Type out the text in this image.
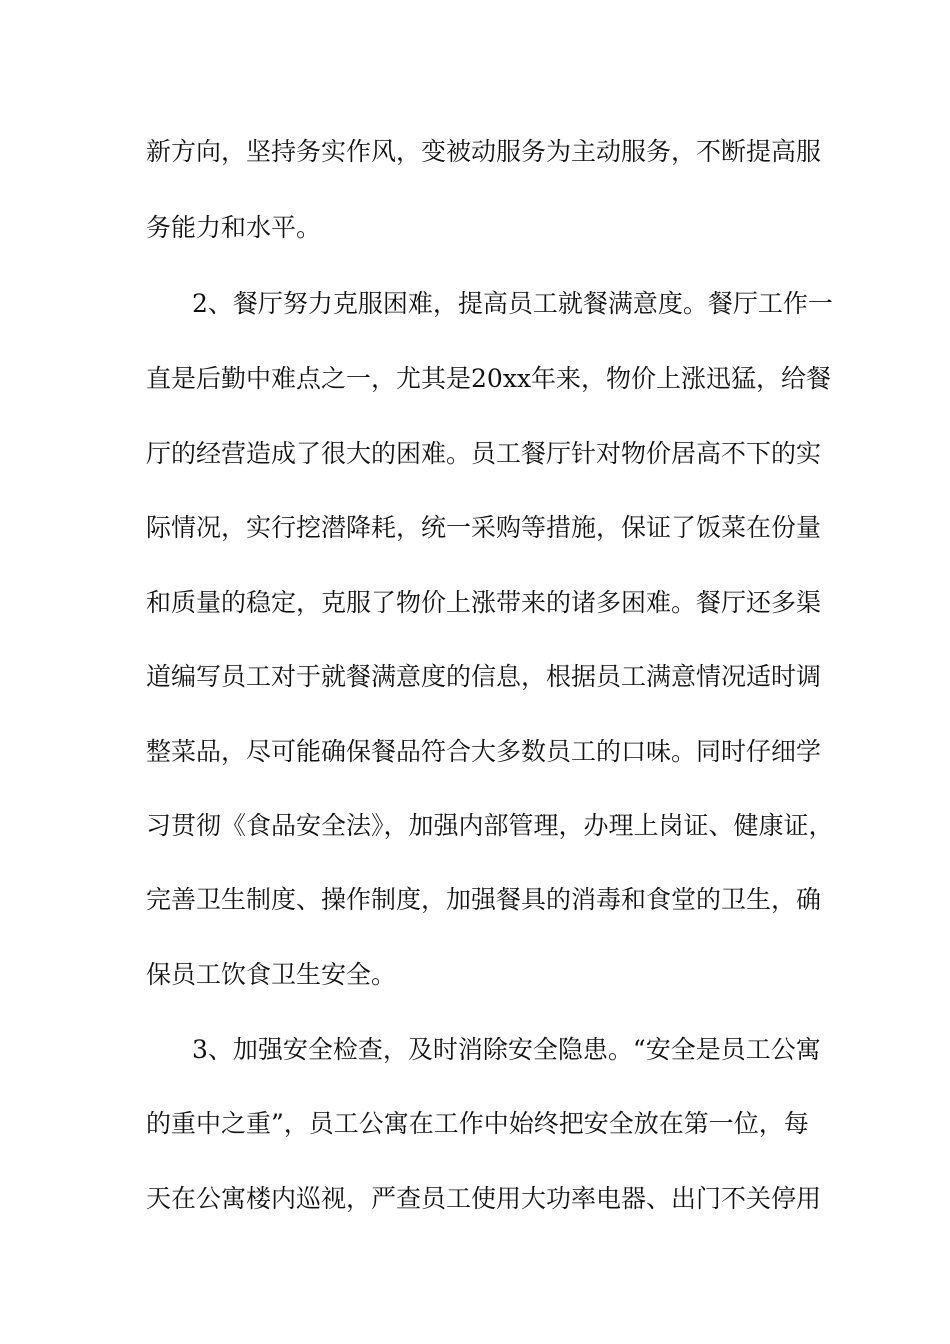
新方向，坚持务实作风，变被动服务为主动服务，不断提高服
务能力和水平。
2、餐厅努力克服困难，提高员工就餐满意度。餐厅工作一
直是后勤中难点之一，尤其是20xx年来，物价上涨迅猛，给餐
厅的经营造成了很大的困难。员工餐厅针对物价居高不下的实
际情况，实行挖潜降耗，统一采购等措施，保证了饭菜在份量
和质量的稳定，克服了物价上涨带来的诸多困难。餐厅还多渠
道编写员工对于就餐满意度的信息，根据员工满意情况适时调
整菜品，尽可能确保餐品符合大多数员工的口味。同时仔细学
习贯彻《食品安全法》，加强内部管理，办理上岗证、健康证，
完善卫生制度、操作制度，加强餐具的消毒和食堂的卫生，确
保员工饮食卫生安全。
3、加强安全检查，及时消除安全隐患。“安全是员工公寓
的重中之重”，员工公寓在工作中始终把安全放在第一位，每
天在公寓楼内巡视，严查员工使用大功率电器、出门不关停用
